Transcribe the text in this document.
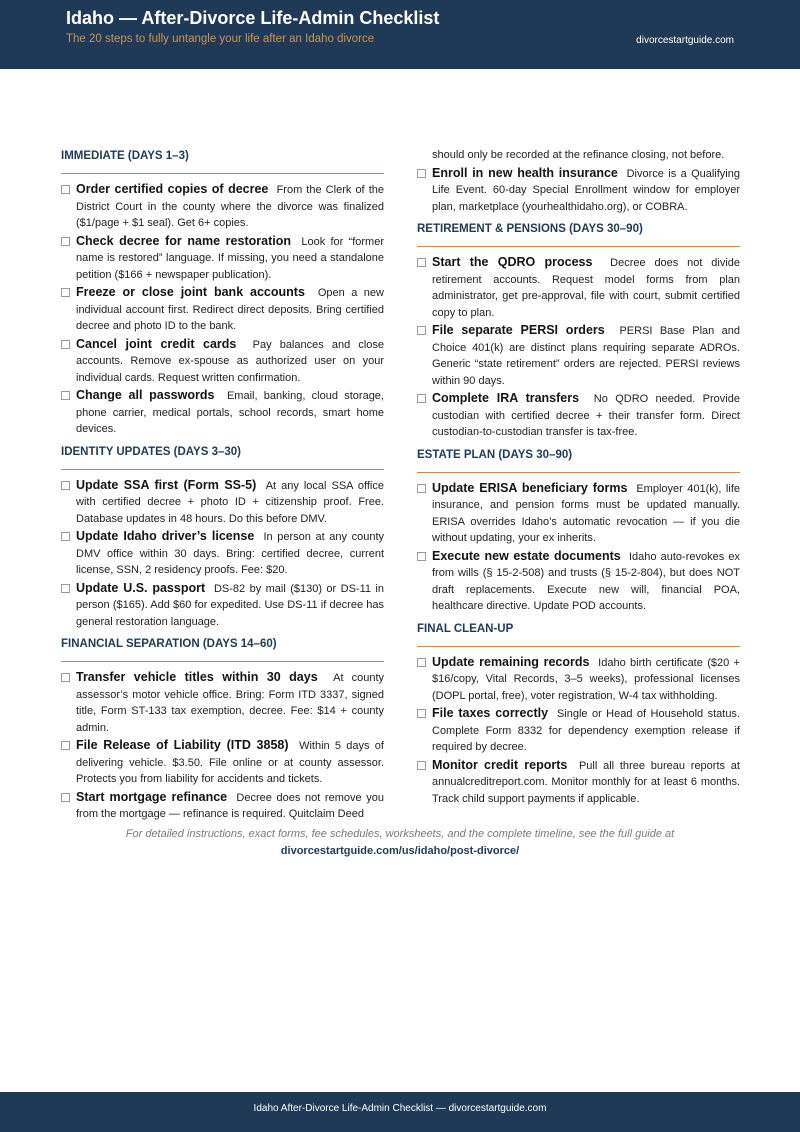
Idaho — After-Divorce Life-Admin Checklist
The 20 steps to fully untangle your life after an Idaho divorce	divorcestartguide.com
IMMEDIATE (DAYS 1–3)
Order certified copies of decree From the Clerk of the District Court in the county where the divorce was finalized ($1/page + $1 seal). Get 6+ copies.
Check decree for name restoration Look for “former name is restored” language. If missing, you need a standalone petition ($166 + newspaper publication).
Freeze or close joint bank accounts Open a new individual account first. Redirect direct deposits. Bring certified decree and photo ID to the bank.
Cancel joint credit cards Pay balances and close accounts. Remove ex-spouse as authorized user on your individual cards. Request written confirmation.
Change all passwords Email, banking, cloud storage, phone carrier, medical portals, school records, smart home devices.
IDENTITY UPDATES (DAYS 3–30)
Update SSA first (Form SS-5) At any local SSA office with certified decree + photo ID + citizenship proof. Free. Database updates in 48 hours. Do this before DMV.
Update Idaho driver’s license In person at any county DMV office within 30 days. Bring: certified decree, current license, SSN, 2 residency proofs. Fee: $20.
Update U.S. passport DS-82 by mail ($130) or DS-11 in person ($165). Add $60 for expedited. Use DS-11 if decree has general restoration language.
FINANCIAL SEPARATION (DAYS 14–60)
Transfer vehicle titles within 30 days At county assessor’s motor vehicle office. Bring: Form ITD 3337, signed title, Form ST-133 tax exemption, decree. Fee: $14 + county admin.
File Release of Liability (ITD 3858) Within 5 days of delivering vehicle. $3.50. File online or at county assessor. Protects you from liability for accidents and tickets.
Start mortgage refinance Decree does not remove you from the mortgage — refinance is required. Quitclaim Deed
should only be recorded at the refinance closing, not before.
Enroll in new health insurance Divorce is a Qualifying Life Event. 60-day Special Enrollment window for employer plan, marketplace (yourhealthidaho.org), or COBRA.
RETIREMENT & PENSIONS (DAYS 30–90)
Start the QDRO process Decree does not divide retirement accounts. Request model forms from plan administrator, get pre-approval, file with court, submit certified copy to plan.
File separate PERSI orders PERSI Base Plan and Choice 401(k) are distinct plans requiring separate ADROs. Generic “state retirement” orders are rejected. PERSI reviews within 90 days.
Complete IRA transfers No QDRO needed. Provide custodian with certified decree + their transfer form. Direct custodian-to-custodian transfer is tax-free.
ESTATE PLAN (DAYS 30–90)
Update ERISA beneficiary forms Employer 401(k), life insurance, and pension forms must be updated manually. ERISA overrides Idaho’s automatic revocation — if you die without updating, your ex inherits.
Execute new estate documents Idaho auto-revokes ex from wills (§ 15-2-508) and trusts (§ 15-2-804), but does NOT draft replacements. Execute new will, financial POA, healthcare directive. Update POD accounts.
FINAL CLEAN-UP
Update remaining records Idaho birth certificate ($20 + $16/copy, Vital Records, 3–5 weeks), professional licenses (DOPL portal, free), voter registration, W-4 tax withholding.
File taxes correctly Single or Head of Household status. Complete Form 8332 for dependency exemption release if required by decree.
Monitor credit reports Pull all three bureau reports at annualcreditreport.com. Monitor monthly for at least 6 months. Track child support payments if applicable.
For detailed instructions, exact forms, fee schedules, worksheets, and the complete timeline, see the full guide at
divorcestartguide.com/us/idaho/post-divorce/
Idaho After-Divorce Life-Admin Checklist — divorcestartguide.com
